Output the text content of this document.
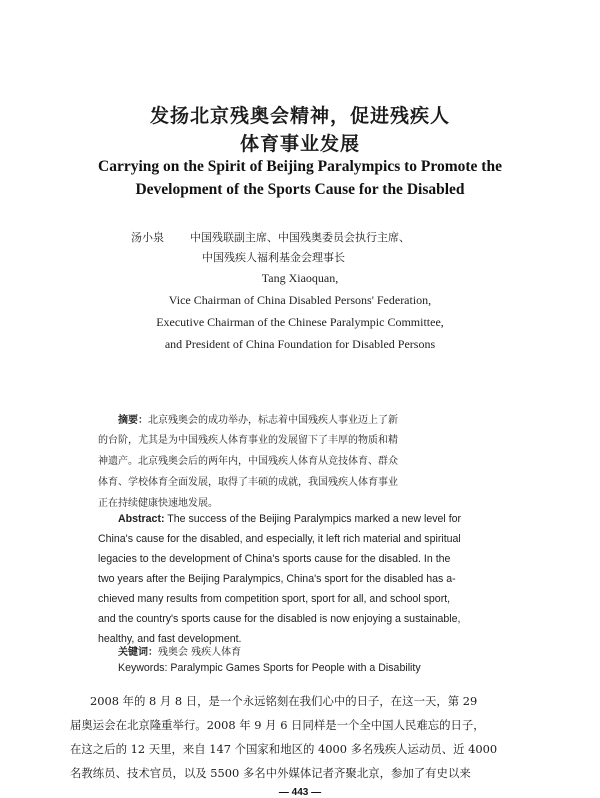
发扬北京残奥会精神，促进残疾人
体育事业发展
Carrying on the Spirit of Beijing Paralympics to Promote the
Development of the Sports Cause for the Disabled
汤小泉 中国残联副主席、中国残奥委员会执行主席、
中国残疾人福利基金会理事长
Tang Xiaoquan,
Vice Chairman of China Disabled Persons' Federation,
Executive Chairman of the Chinese Paralympic Committee,
and President of China Foundation for Disabled Persons
摘要：北京残奥会的成功举办，标志着中国残疾人事业迈上了新
的台阶，尤其是为中国残疾人体育事业的发展留下了丰厚的物质和精
神遗产。北京残奥会后的两年内，中国残疾人体育从竞技体育、群众
体育、学校体育全面发展，取得了丰硕的成就，我国残疾人体育事业
正在持续健康快速地发展。
Abstract: The success of the Beijing Paralympics marked a new level for
China's cause for the disabled, and especially, it left rich material and spiritual
legacies to the development of China's sports cause for the disabled. In the
two years after the Beijing Paralympics, China's sport for the disabled has a-
chieved many results from competition sport, sport for all, and school sport,
and the country's sports cause for the disabled is now enjoying a sustainable,
healthy, and fast development.
关键词：残奥会 残疾人体育
Keywords: Paralympic Games Sports for People with a Disability
2008 年的 8 月 8 日，是一个永远铭刻在我们心中的日子，在这一天，第 29
届奥运会在北京隆重举行。2008 年 9 月 6 日同样是一个全中国人民难忘的日子，
在这之后的 12 天里，来自 147 个国家和地区的 4000 多名残疾人运动员、近 4000
名教练员、技术官员，以及 5500 多名中外媒体记者齐聚北京，参加了有史以来
— 443 —
